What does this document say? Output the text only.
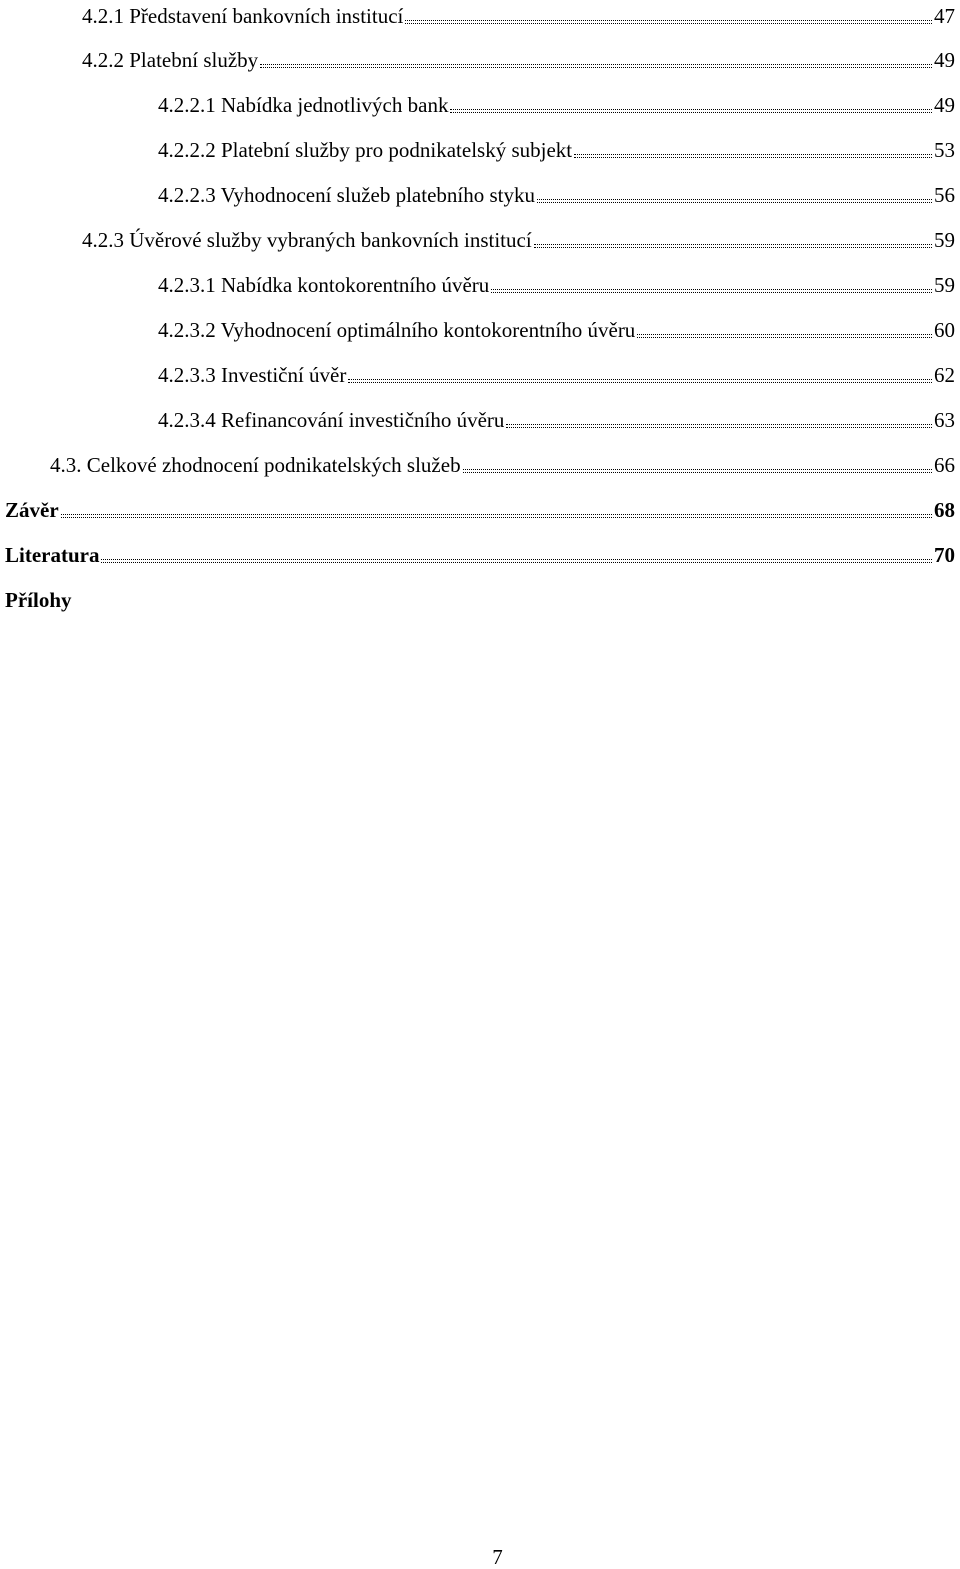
4.2.1 Představení bankovních institucí	47
4.2.2 Platební služby	49
4.2.2.1 Nabídka jednotlivých bank	49
4.2.2.2 Platební služby pro podnikatelský subjekt	53
4.2.2.3 Vyhodnocení služeb platebního styku	56
4.2.3 Úvěrové služby vybraných bankovních institucí	59
4.2.3.1 Nabídka kontokorentního úvěru	59
4.2.3.2 Vyhodnocení optimálního kontokorentního úvěru	60
4.2.3.3 Investiční úvěr	62
4.2.3.4 Refinancování investičního úvěru	63
4.3. Celkové zhodnocení podnikatelských služeb	66
Závěr	68
Literatura	70
Přílohy
7
